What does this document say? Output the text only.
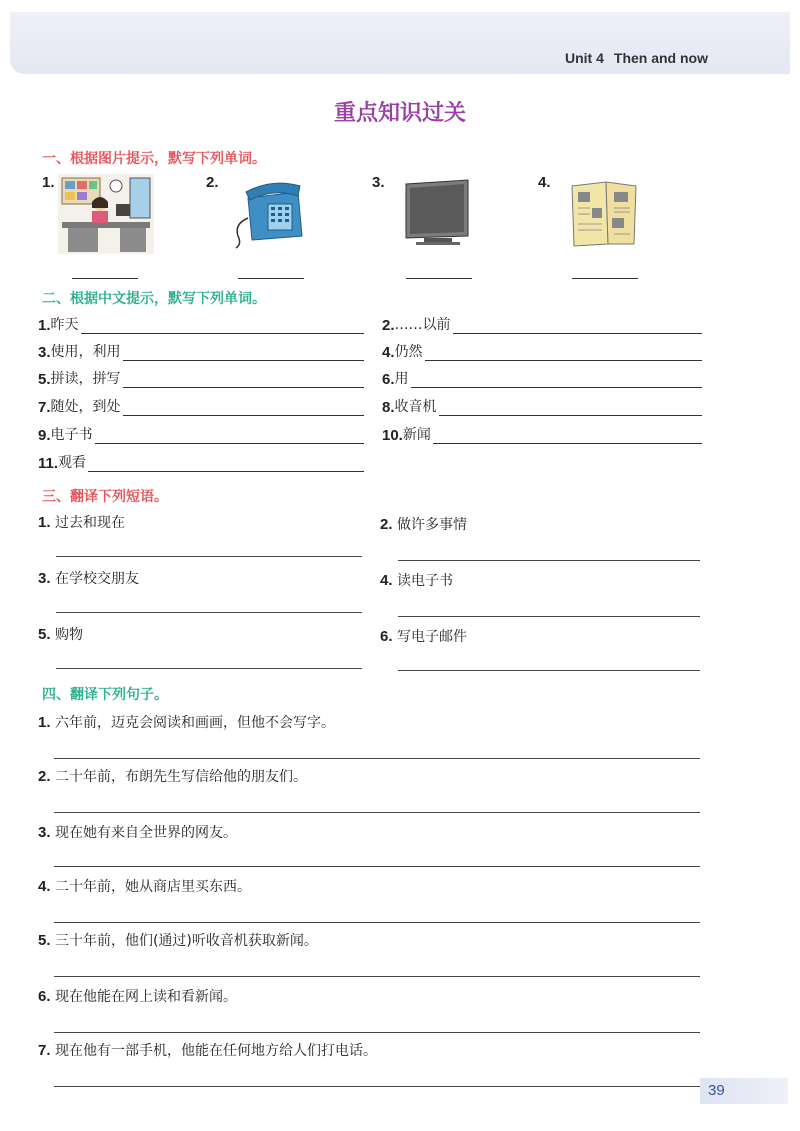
Unit 4 Then and now
重点知识过关
一、根据图片提示，默写下列单词。
1.	2.	3.	4.
二、根据中文提示，默写下列单词。
1. 昨天	2. ……以前
3. 使用，利用	4. 仍然
5. 拼读，拼写	6. 用
7. 随处，到处	8. 收音机
9. 电子书	10. 新闻
11. 观看
三、翻译下列短语。
1. 过去和现在	2. 做许多事情
3. 在学校交朋友	4. 读电子书
5. 购物	6. 写电子邮件
四、翻译下列句子。
1. 六年前，迈克会阅读和画画，但他不会写字。
2. 二十年前，布朗先生写信给他的朋友们。
3. 现在她有来自全世界的网友。
4. 二十年前，她从商店里买东西。
5. 三十年前，他们(通过)听收音机获取新闻。
6. 现在他能在网上读和看新闻。
7. 现在他有一部手机，他能在任何地方给人们打电话。
39
